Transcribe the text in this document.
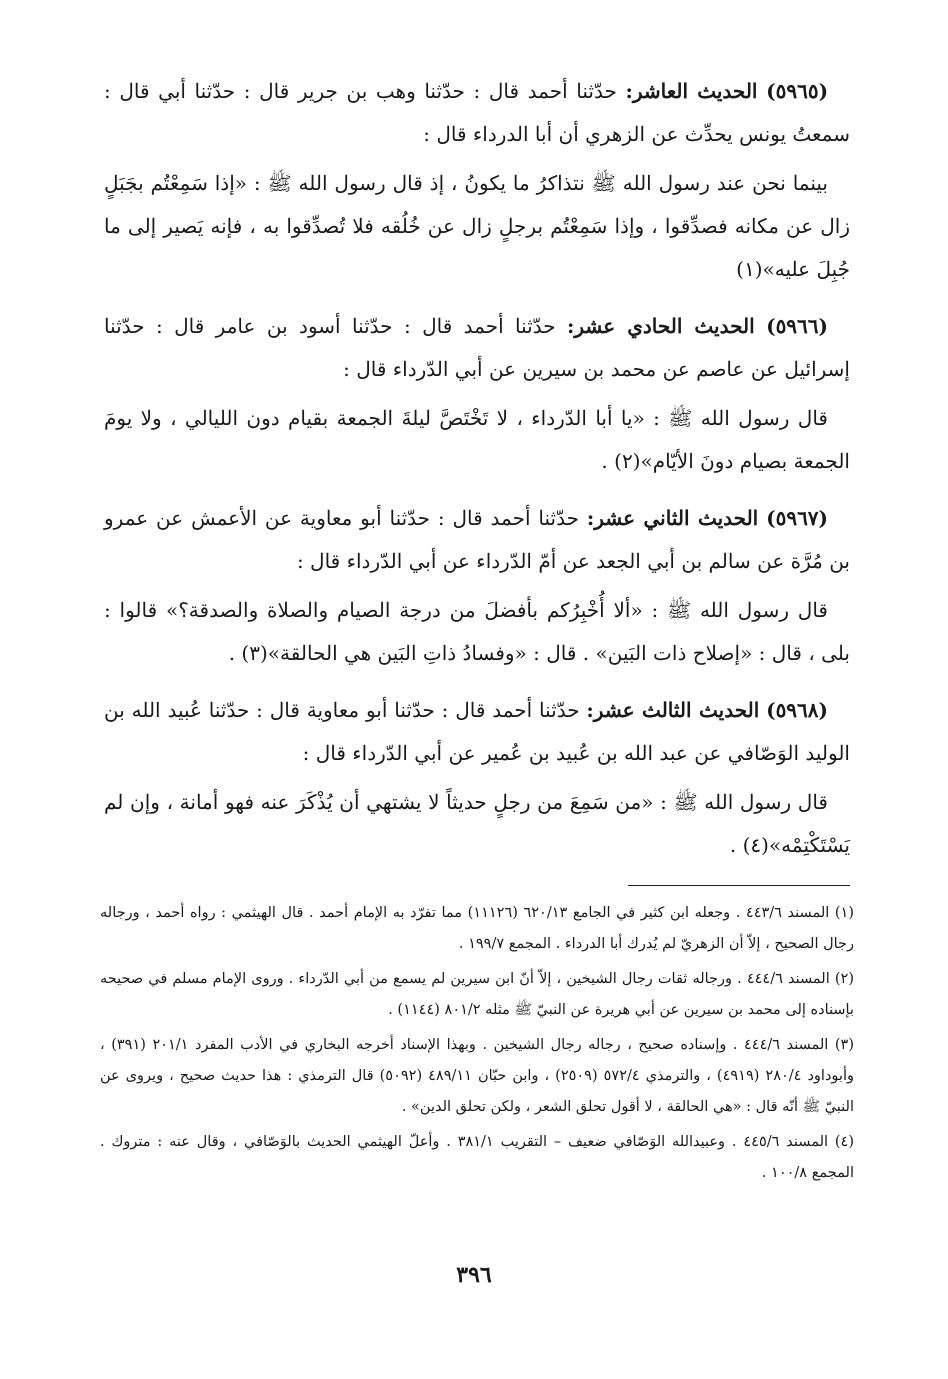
(٥٩٦٥) الحديث العاشر: حدّثنا أحمد قال : حدّثنا وهب بن جرير قال : حدّثنا أبي قال : سمعتُ يونس يحدِّث عن الزهري أن أبا الدرداء قال :

بينما نحن عند رسول الله ﷺ نتذاكرُ ما يكونُ ، إذ قال رسول الله ﷺ : «إذا سَمِعْتُم بجَبَلٍ زال عن مكانه فصدِّقوا ، وإذا سَمِعْتُم برجلٍ زال عن خُلُقه فلا تُصدِّقوا به ، فإنه يَصير إلى ما جُبِلَ عليه»(١)

(٥٩٦٦) الحديث الحادي عشر: حدّثنا أحمد قال : حدّثنا أسود بن عامر قال : حدّثنا إسرائيل عن عاصم عن محمد بن سيرين عن أبي الدّرداء قال :

قال رسول الله ﷺ : «يا أبا الدّرداء ، لا تَخْتَصَّ ليلةَ الجمعة بقيام دون الليالي ، ولا يومَ الجمعة بصيام دونَ الأيّام»(٢) .

(٥٩٦٧) الحديث الثاني عشر: حدّثنا أحمد قال : حدّثنا أبو معاوية عن الأعمش عن عمرو بن مُرَّة عن سالم بن أبي الجعد عن أمّ الدّرداء عن أبي الدّرداء قال :

قال رسول الله ﷺ : «ألا أُخْبِرُكم بأفضلَ من درجة الصيام والصلاة والصدقة؟» قالوا : بلى ، قال : «إصلاح ذات البَين» . قال : «وفسادُ ذاتِ البَين هي الحالقة»(٣) .

(٥٩٦٨) الحديث الثالث عشر: حدّثنا أحمد قال : حدّثنا أبو معاوية قال : حدّثنا عُبيد الله بن الوليد الوَصّافي عن عبد الله بن عُبيد بن عُمير عن أبي الدّرداء قال :

قال رسول الله ﷺ : «من سَمِعَ من رجلٍ حديثاً لا يشتهي أن يُذْكَرَ عنه فهو أمانة ، وإن لم يَسْتَكْتِمْه»(٤) .

(١) المسند ٤٤٣/٦ . وجعله ابن كثير في الجامع ٦٢٠/١٣ (١١١٢٦) مما تفرّد به الإمام أحمد . قال الهيثمي : رواه أحمد ، ورجاله رجال الصحيح ، إلاّ أن الزهريّ لم يُدرك أبا الدرداء . المجمع ١٩٩/٧ .

(٢) المسند ٤٤٤/٦ . ورجاله ثقات رجال الشيخين ، إلاّ أنّ ابن سيرين لم يسمع من أبي الدّرداء . وروى الإمام مسلم في صحيحه بإسناده إلى محمد بن سيرين عن أبي هريرة عن النبيّ ﷺ مثله ٨٠١/٢ (١١٤٤) .

(٣) المسند ٤٤٤/٦ . وإسناده صحيح ، رجاله رجال الشيخين . وبهذا الإسناد أخرجه البخاري في الأدب المفرد ٢٠١/١ (٣٩١) ، وأبوداود ٢٨٠/٤ (٤٩١٩) ، والترمذي ٥٧٢/٤ (٢٥٠٩) ، وابن حبّان ٤٨٩/١١ (٥٠٩٢) قال الترمذي : هذا حديث صحيح ، ويروى عن النبيّ ﷺ أنّه قال : «هي الحالقة ، لا أقول تحلق الشعر ، ولكن تحلق الدين» .

(٤) المسند ٤٤٥/٦ . وعبيدالله الوَصّافي ضعيف – التقريب ٣٨١/١ . وأعلّ الهيثمي الحديث بالوَصّافي ، وقال عنه : متروك . المجمع ١٠٠/٨ .

٣٩٦
